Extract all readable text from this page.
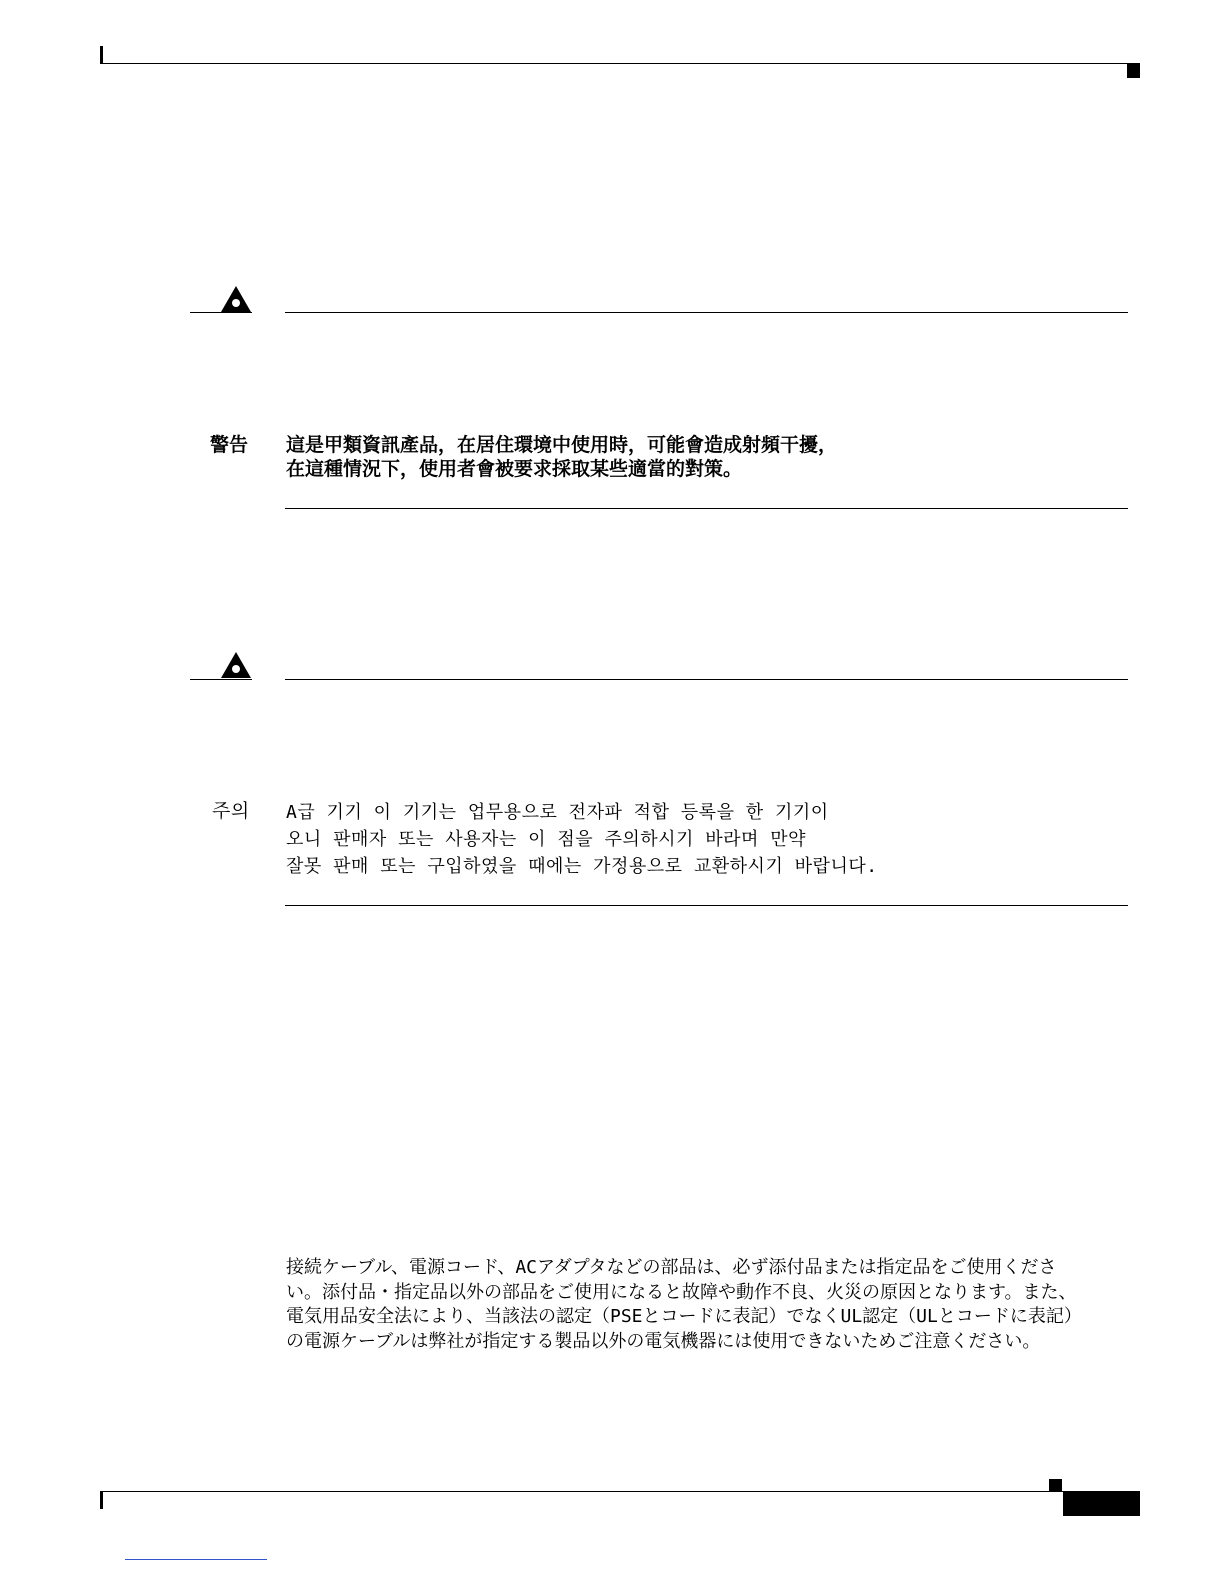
警告 這是甲類資訊產品，在居住環境中使用時，可能會造成射頻干擾，
在這種情況下，使用者會被要求採取某些適當的對策。
주의 A급 기기 이 기기는 업무용으로 전자파 적합 등록을 한 기기이
오니 판매자 또는 사용자는 이 점을 주의하시기 바라며 만약
잘못 판매 또는 구입하였을 때에는 가정용으로 교환하시기 바랍니다.
接続ケーブル、電源コード、ACアダプタなどの部品は、必ず添付品または指定品をご使用くださ
い。添付品・指定品以外の部品をご使用になると故障や動作不良、火災の原因となります。また、
電気用品安全法により、当該法の認定（PSEとコードに表記）でなくUL認定（ULとコードに表記）
の電源ケーブルは弊社が指定する製品以外の電気機器には使用できないためご注意ください。
